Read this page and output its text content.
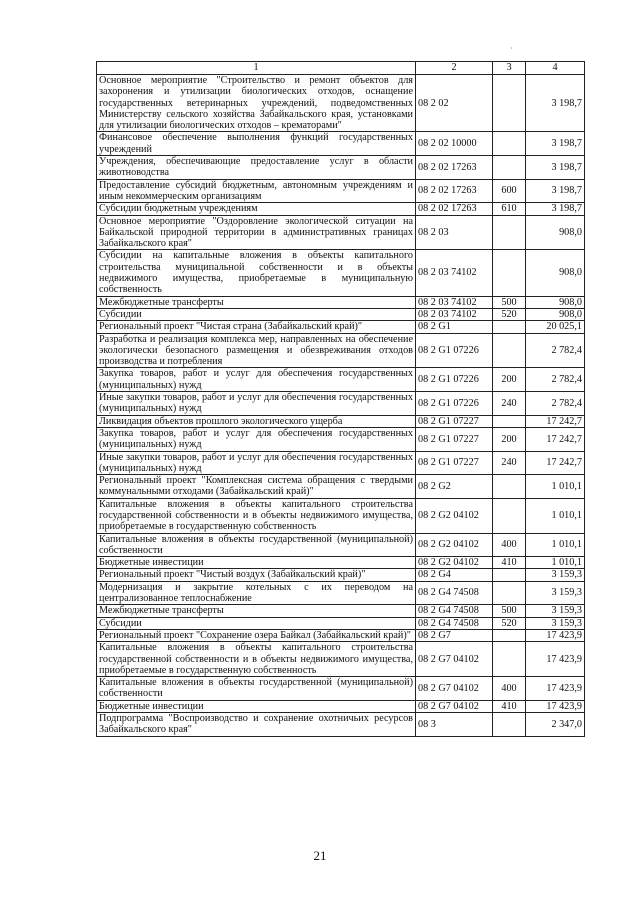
·
1	2	3	4
Основное мероприятие "Строительство и ремонт объектов для захоронения и утилизации биологических отходов, оснащение государственных ветеринарных учреждений, подведомственных Министерству сельского хозяйства Забайкальского края, установками для утилизации биологических отходов – крематорами"	08 2 02		3 198,7
Финансовое обеспечение выполнения функций государственных учреждений	08 2 02 10000		3 198,7
Учреждения, обеспечивающие предоставление услуг в области животноводства	08 2 02 17263		3 198,7
Предоставление субсидий бюджетным, автономным учреждениям и иным некоммерческим организациям	08 2 02 17263	600	3 198,7
Субсидии бюджетным учреждениям	08 2 02 17263	610	3 198,7
Основное мероприятие "Оздоровление экологической ситуации на Байкальской природной территории в административных границах Забайкальского края"	08 2 03		908,0
Субсидии на капитальные вложения в объекты капитального строительства муниципальной собственности и в объекты недвижимого имущества, приобретаемые в муниципальную собственность	08 2 03 74102		908,0
Межбюджетные трансферты	08 2 03 74102	500	908,0
Субсидии	08 2 03 74102	520	908,0
Региональный проект "Чистая страна (Забайкальский край)"	08 2 G1		20 025,1
Разработка и реализация комплекса мер, направленных на обеспечение экологически безопасного размещения и обезвреживания отходов производства и потребления	08 2 G1 07226		2 782,4
Закупка товаров, работ и услуг для обеспечения государственных (муниципальных) нужд	08 2 G1 07226	200	2 782,4
Иные закупки товаров, работ и услуг для обеспечения государственных (муниципальных) нужд	08 2 G1 07226	240	2 782,4
Ликвидация объектов прошлого экологического ущерба	08 2 G1 07227		17 242,7
Закупка товаров, работ и услуг для обеспечения государственных (муниципальных) нужд	08 2 G1 07227	200	17 242,7
Иные закупки товаров, работ и услуг для обеспечения государственных (муниципальных) нужд	08 2 G1 07227	240	17 242,7
Региональный проект "Комплексная система обращения с твердыми коммунальными отходами (Забайкальский край)"	08 2 G2		1 010,1
Капитальные вложения в объекты капитального строительства государственной собственности и в объекты недвижимого имущества, приобретаемые в государственную собственность	08 2 G2 04102		1 010,1
Капитальные вложения в объекты государственной (муниципальной) собственности	08 2 G2 04102	400	1 010,1
Бюджетные инвестиции	08 2 G2 04102	410	1 010,1
Региональный проект "Чистый воздух (Забайкальский край)"	08 2 G4		3 159,3
Модернизация и закрытие котельных с их переводом на централизованное теплоснабжение	08 2 G4 74508		3 159,3
Межбюджетные трансферты	08 2 G4 74508	500	3 159,3
Субсидии	08 2 G4 74508	520	3 159,3
Региональный проект "Сохранение озера Байкал (Забайкальский край)"	08 2 G7		17 423,9
Капитальные вложения в объекты капитального строительства государственной собственности и в объекты недвижимого имущества, приобретаемые в государственную собственность	08 2 G7 04102		17 423,9
Капитальные вложения в объекты государственной (муниципальной) собственности	08 2 G7 04102	400	17 423,9
Бюджетные инвестиции	08 2 G7 04102	410	17 423,9
Подпрограмма "Воспроизводство и сохранение охотничьих ресурсов Забайкальского края"	08 3		2 347,0
21
